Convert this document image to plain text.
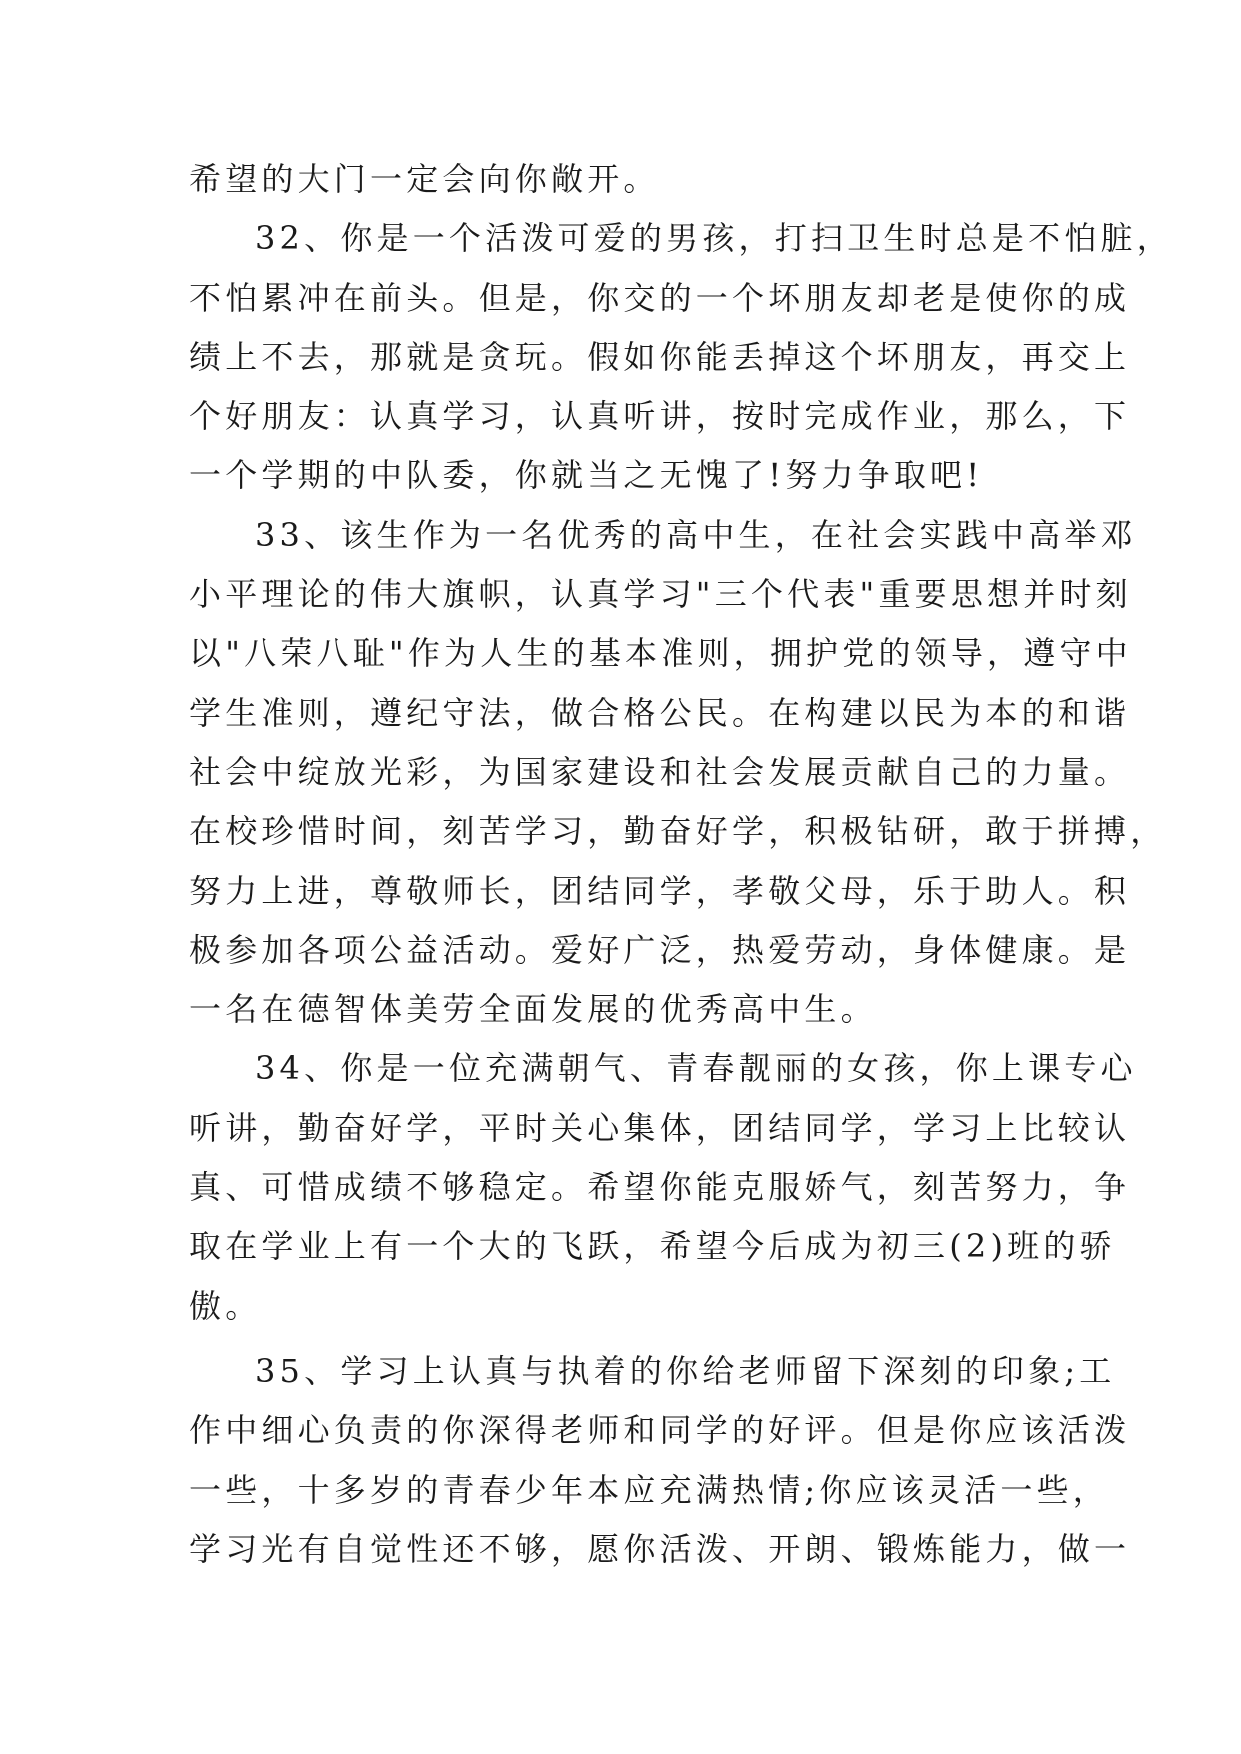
希望的大门一定会向你敞开。
32、你是一个活泼可爱的男孩，打扫卫生时总是不怕脏，
不怕累冲在前头。但是，你交的一个坏朋友却老是使你的成
绩上不去，那就是贪玩。假如你能丢掉这个坏朋友，再交上
个好朋友：认真学习，认真听讲，按时完成作业，那么，下
一个学期的中队委，你就当之无愧了!努力争取吧!
33、该生作为一名优秀的高中生，在社会实践中高举邓
小平理论的伟大旗帜，认真学习"三个代表"重要思想并时刻
以"八荣八耻"作为人生的基本准则，拥护党的领导，遵守中
学生准则，遵纪守法，做合格公民。在构建以民为本的和谐
社会中绽放光彩，为国家建设和社会发展贡献自己的力量。
在校珍惜时间，刻苦学习，勤奋好学，积极钻研，敢于拼搏，
努力上进，尊敬师长，团结同学，孝敬父母，乐于助人。积
极参加各项公益活动。爱好广泛，热爱劳动，身体健康。是
一名在德智体美劳全面发展的优秀高中生。
34、你是一位充满朝气、青春靓丽的女孩，你上课专心
听讲，勤奋好学，平时关心集体，团结同学，学习上比较认
真、可惜成绩不够稳定。希望你能克服娇气，刻苦努力，争
取在学业上有一个大的飞跃，希望今后成为初三(2)班的骄
傲。
35、学习上认真与执着的你给老师留下深刻的印象;工
作中细心负责的你深得老师和同学的好评。但是你应该活泼
一些，十多岁的青春少年本应充满热情;你应该灵活一些，
学习光有自觉性还不够，愿你活泼、开朗、锻炼能力，做一
